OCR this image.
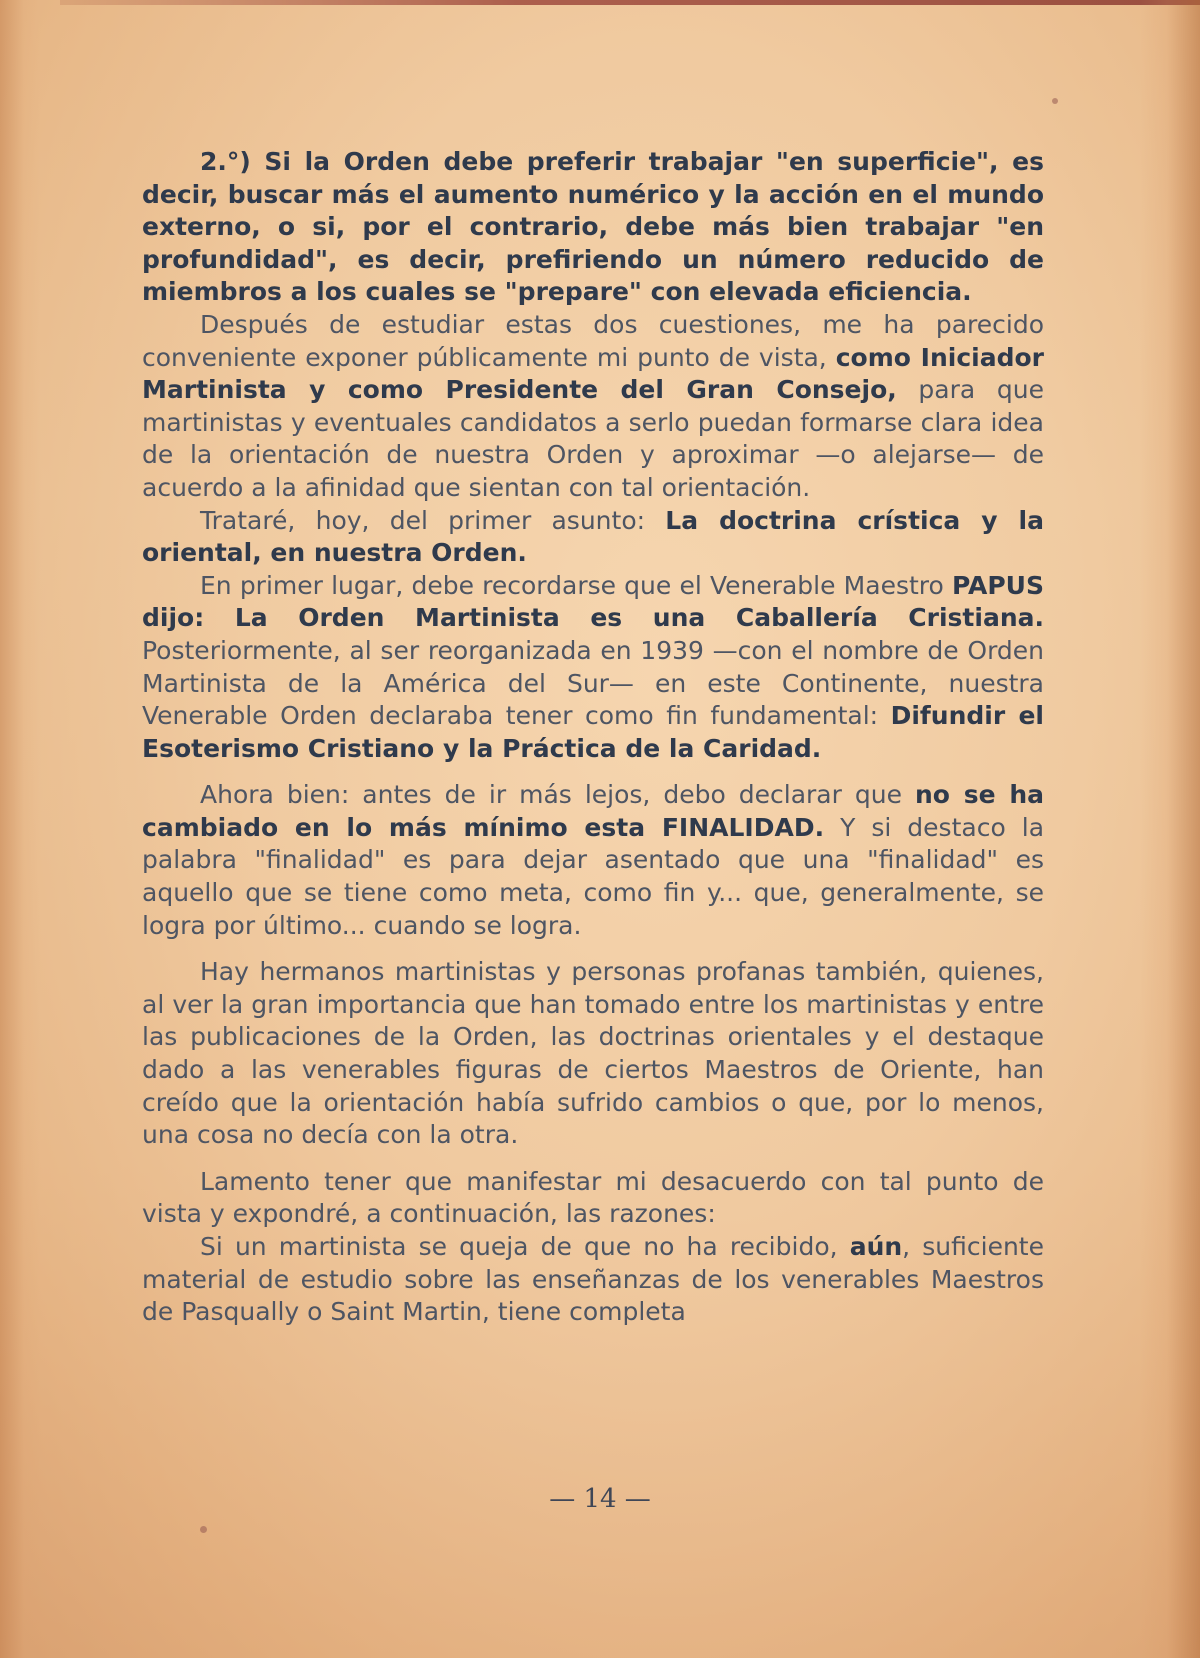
2.°) Si la Orden debe preferir trabajar "en superficie", es decir, buscar más el aumento numérico y la acción en el mundo externo, o si, por el contrario, debe más bien trabajar "en profundidad", es decir, prefiriendo un número reducido de miembros a los cuales se "prepare" con elevada eficiencia.

Después de estudiar estas dos cuestiones, me ha parecido conveniente exponer públicamente mi punto de vista, como Iniciador Martinista y como Presidente del Gran Consejo, para que martinistas y eventuales candidatos a serlo puedan formarse clara idea de la orientación de nuestra Orden y aproximar —o alejarse— de acuerdo a la afinidad que sientan con tal orientación.

Trataré, hoy, del primer asunto: La doctrina crística y la oriental, en nuestra Orden.

En primer lugar, debe recordarse que el Venerable Maestro PAPUS dijo: La Orden Martinista es una Caballería Cristiana. Posteriormente, al ser reorganizada en 1939 —con el nombre de Orden Martinista de la América del Sur— en este Continente, nuestra Venerable Orden declaraba tener como fin fundamental: Difundir el Esoterismo Cristiano y la Práctica de la Caridad.

Ahora bien: antes de ir más lejos, debo declarar que no se ha cambiado en lo más mínimo esta FINALIDAD. Y si destaco la palabra "finalidad" es para dejar asentado que una "finalidad" es aquello que se tiene como meta, como fin y... que, generalmente, se logra por último... cuando se logra.

Hay hermanos martinistas y personas profanas también, quienes, al ver la gran importancia que han tomado entre los martinistas y entre las publicaciones de la Orden, las doctrinas orientales y el destaque dado a las venerables figuras de ciertos Maestros de Oriente, han creído que la orientación había sufrido cambios o que, por lo menos, una cosa no decía con la otra.

Lamento tener que manifestar mi desacuerdo con tal punto de vista y expondré, a continuación, las razones:

Si un martinista se queja de que no ha recibido, aún, suficiente material de estudio sobre las enseñanzas de los venerables Maestros de Pasqually o Saint Martin, tiene completa

— 14 —
